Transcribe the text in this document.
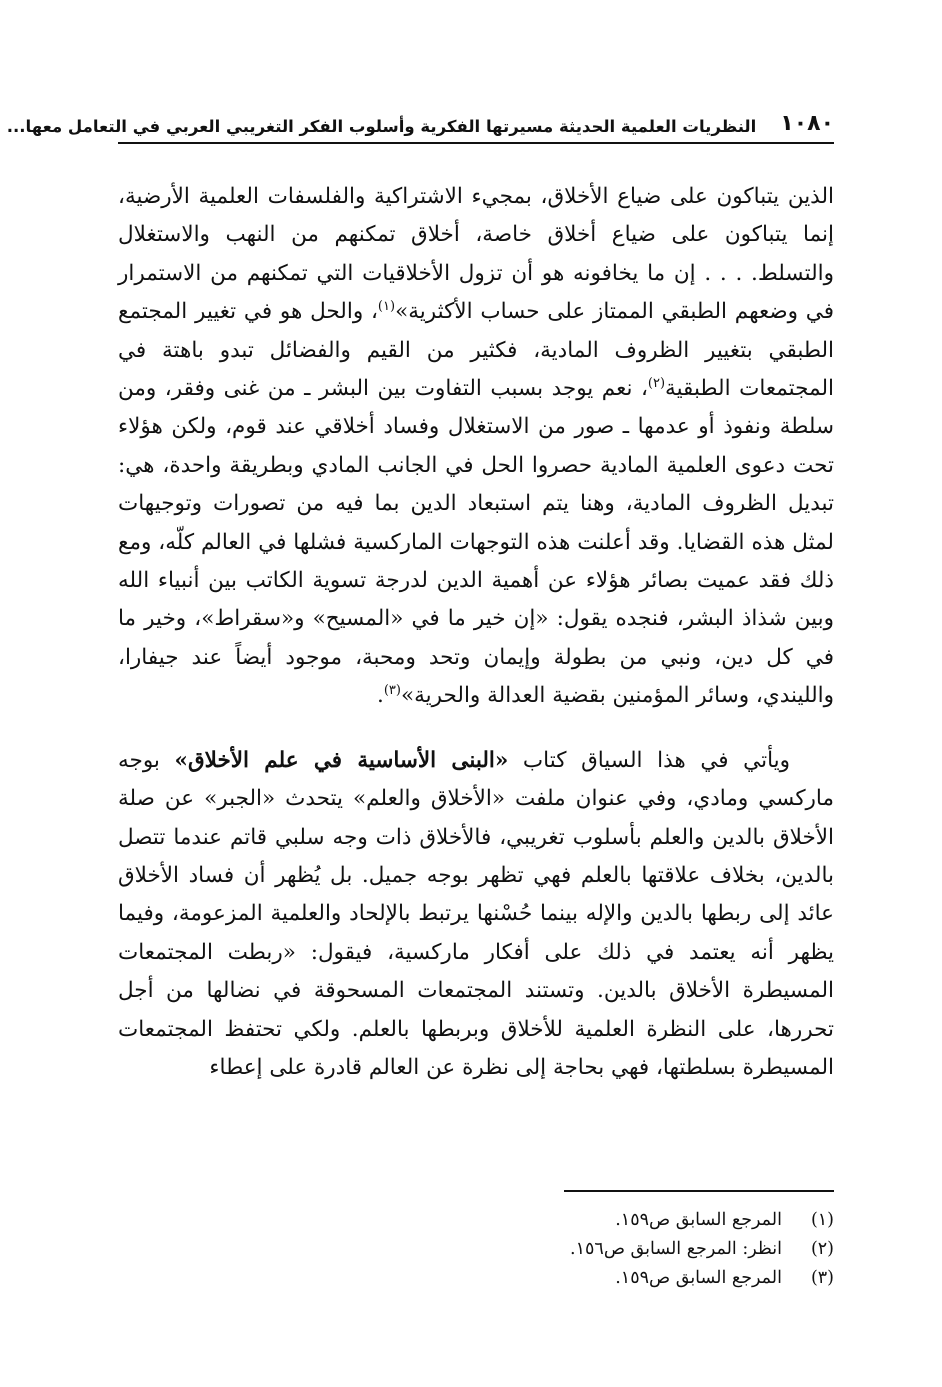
١٠٨٠
النظريات العلمية الحديثة مسيرتها الفكرية وأسلوب الفكر التغريبي العربي في التعامل معها...

الذين يتباكون على ضياع الأخلاق، بمجيء الاشتراكية والفلسفات العلمية الأرضية، إنما يتباكون على ضياع أخلاق خاصة، أخلاق تمكنهم من النهب والاستغلال والتسلط. . . . إن ما يخافونه هو أن تزول الأخلاقيات التي تمكنهم من الاستمرار في وضعهم الطبقي الممتاز على حساب الأكثرية»$^{(١)}$، والحل هو في تغيير المجتمع الطبقي بتغيير الظروف المادية، فكثير من القيم والفضائل تبدو باهتة في المجتمعات الطبقية$^{(٢)}$، نعم يوجد بسبب التفاوت بين البشر ـ من غنى وفقر، ومن سلطة ونفوذ أو عدمها ـ صور من الاستغلال وفساد أخلاقي عند قوم، ولكن هؤلاء تحت دعوى العلمية المادية حصروا الحل في الجانب المادي وبطريقة واحدة، هي: تبديل الظروف المادية، وهنا يتم استبعاد الدين بما فيه من تصورات وتوجيهات لمثل هذه القضايا. وقد أعلنت هذه التوجهات الماركسية فشلها في العالم كلّه، ومع ذلك فقد عميت بصائر هؤلاء عن أهمية الدين لدرجة تسوية الكاتب بين أنبياء الله وبين شذاذ البشر، فنجده يقول: «إن خير ما في «المسيح» و«سقراط»، وخير ما في كل دين، ونبي من بطولة وإيمان وتحد ومحبة، موجود أيضاً عند جيفارا، والليندي، وسائر المؤمنين بقضية العدالة والحرية»$^{(٣)}$.

ويأتي في هذا السياق كتاب «البنى الأساسية في علم الأخلاق» بوجه ماركسي ومادي، وفي عنوان ملفت «الأخلاق والعلم» يتحدث «الجبر» عن صلة الأخلاق بالدين والعلم بأسلوب تغريبي، فالأخلاق ذات وجه سلبي قاتم عندما تتصل بالدين، بخلاف علاقتها بالعلم فهي تظهر بوجه جميل. بل يُظهر أن فساد الأخلاق عائد إلى ربطها بالدين والإله بينما حُسْنها يرتبط بالإلحاد والعلمية المزعومة، وفيما يظهر أنه يعتمد في ذلك على أفكار ماركسية، فيقول: «ربطت المجتمعات المسيطرة الأخلاق بالدين. وتستند المجتمعات المسحوقة في نضالها من أجل تحررها، على النظرة العلمية للأخلاق وبربطها بالعلم. ولكي تحتفظ المجتمعات المسيطرة بسلطتها، فهي بحاجة إلى نظرة عن العالم قادرة على إعطاء

(١)
المرجع السابق ص١٥٩.
(٢)
انظر: المرجع السابق ص١٥٦.
(٣)
المرجع السابق ص١٥٩.
